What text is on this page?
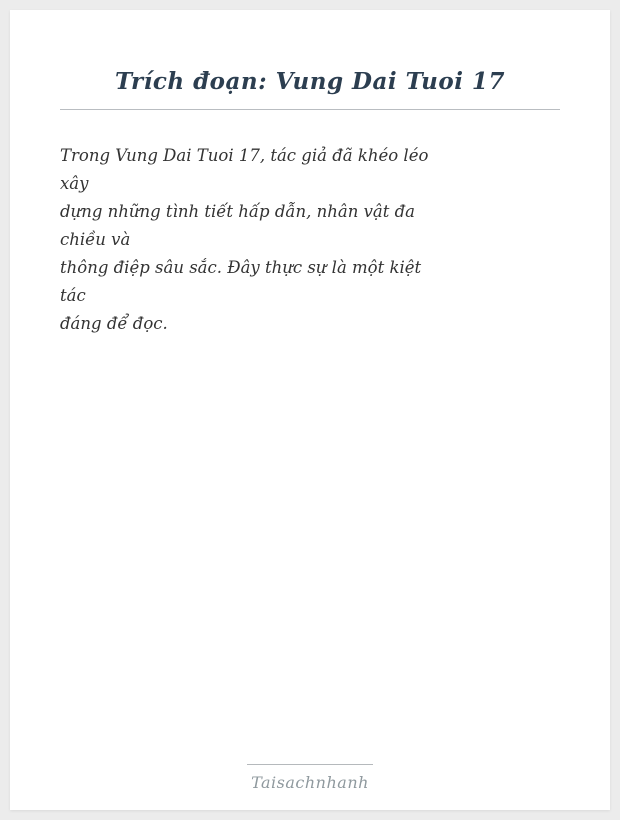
Trích đoạn: Vung Dai Tuoi 17
Trong Vung Dai Tuoi 17, tác giả đã khéo léo
xây
dựng những tình tiết hấp dẫn, nhân vật đa
chiều và
thông điệp sâu sắc. Đây thực sự là một kiệt
tác
đáng để đọc.
Taisachnhanh
